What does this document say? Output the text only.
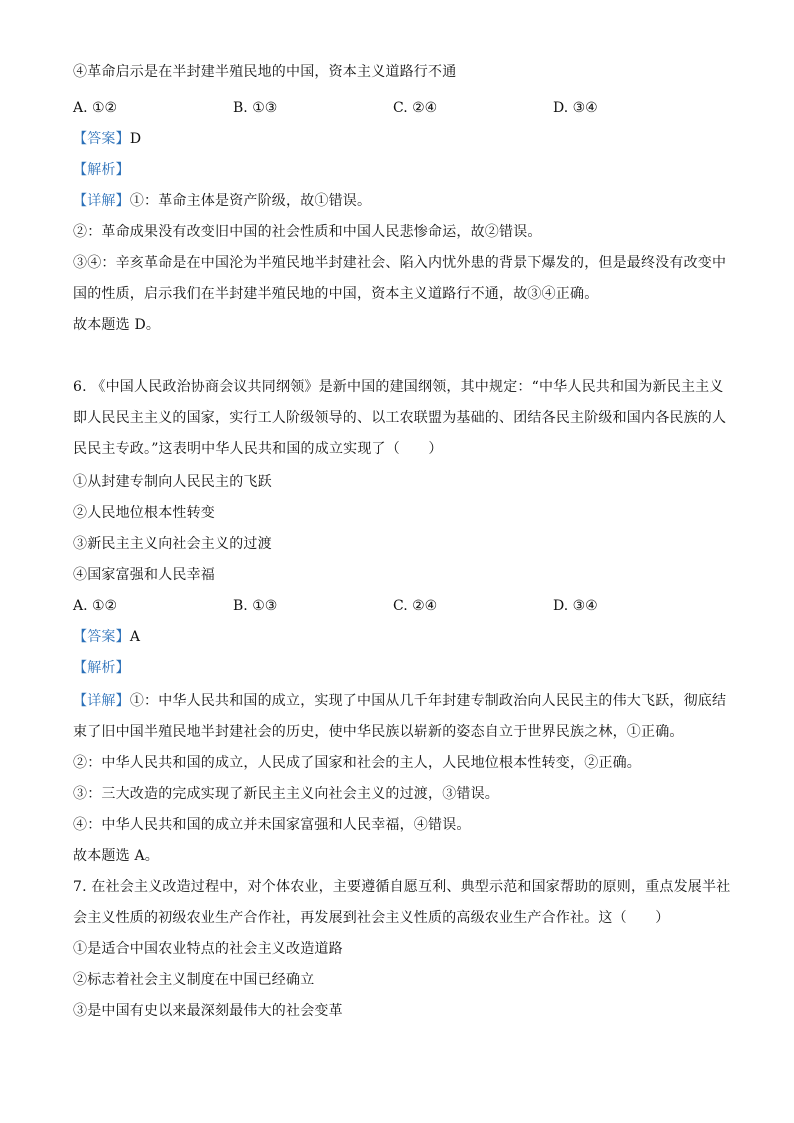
④革命启示是在半封建半殖民地的中国，资本主义道路行不通
A. ①②	B. ①③	C. ②④	D. ③④
【答案】D
【解析】
【详解】①：革命主体是资产阶级，故①错误。
②：革命成果没有改变旧中国的社会性质和中国人民悲惨命运，故②错误。
③④：辛亥革命是在中国沦为半殖民地半封建社会、陷入内忧外患的背景下爆发的，但是最终没有改变中
国的性质，启示我们在半封建半殖民地的中国，资本主义道路行不通，故③④正确。
故本题选 D。
6. 《中国人民政治协商会议共同纲领》是新中国的建国纲领，其中规定：“中华人民共和国为新民主主义
即人民民主主义的国家，实行工人阶级领导的、以工农联盟为基础的、团结各民主阶级和国内各民族的人
民民主专政。”这表明中华人民共和国的成立实现了（　　）
①从封建专制向人民民主的飞跃
②人民地位根本性转变
③新民主主义向社会主义的过渡
④国家富强和人民幸福
A. ①②	B. ①③	C. ②④	D. ③④
【答案】A
【解析】
【详解】①：中华人民共和国的成立，实现了中国从几千年封建专制政治向人民民主的伟大飞跃，彻底结
束了旧中国半殖民地半封建社会的历史，使中华民族以崭新的姿态自立于世界民族之林，①正确。
②：中华人民共和国的成立，人民成了国家和社会的主人，人民地位根本性转变，②正确。
③：三大改造的完成实现了新民主主义向社会主义的过渡，③错误。
④：中华人民共和国的成立并未国家富强和人民幸福，④错误。
故本题选 A。
7. 在社会主义改造过程中，对个体农业，主要遵循自愿互利、典型示范和国家帮助的原则，重点发展半社
会主义性质的初级农业生产合作社，再发展到社会主义性质的高级农业生产合作社。这（　　）
①是适合中国农业特点的社会主义改造道路
②标志着社会主义制度在中国已经确立
③是中国有史以来最深刻最伟大的社会变革
